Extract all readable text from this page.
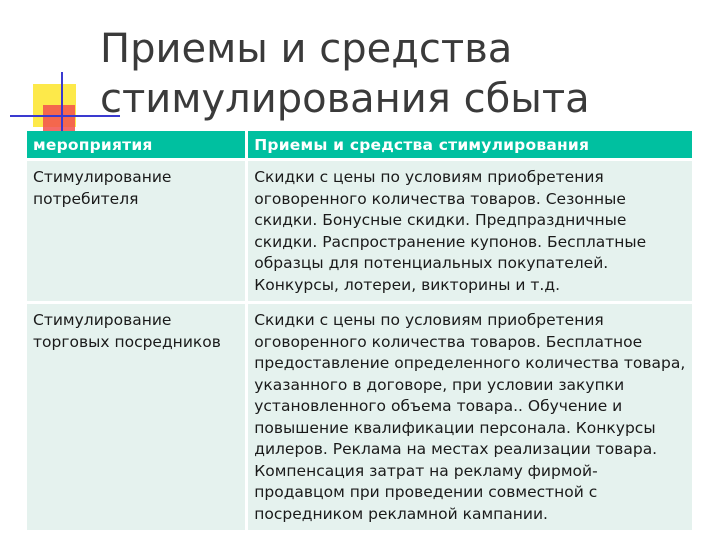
Приемы и средства
стимулирования сбыта
мероприятия	Приемы и средства стимулирования
Стимулирование потребителя	Скидки с цены по условиям приобретения оговоренного количества товаров. Сезонные скидки. Бонусные скидки. Предпраздничные скидки. Распространение купонов. Бесплатные образцы для потенциальных покупателей. Конкурсы, лотереи, викторины и т.д.
Стимулирование торговых посредников	Скидки с цены по условиям приобретения оговоренного количества товаров. Бесплатное предоставление определенного количества товара, указанного в договоре, при условии закупки установленного объема товара.. Обучение и повышение квалификации персонала. Конкурсы дилеров. Реклама на местах реализации товара. Компенсация затрат на рекламу фирмой-продавцом при проведении совместной с посредником рекламной кампании.
